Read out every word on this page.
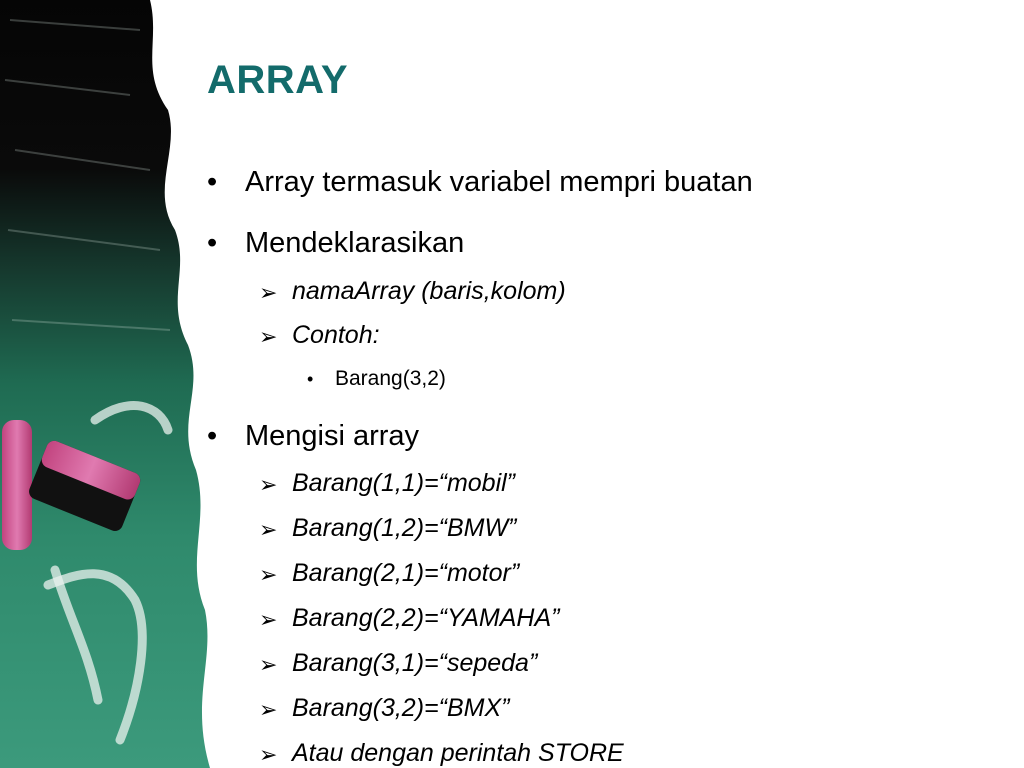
ARRAY
• Array termasuk variabel mempri buatan
• Mendeklarasikan
➢ namaArray (baris,kolom)
➢ Contoh:
• Barang(3,2)
• Mengisi array
➢ Barang(1,1)=“mobil”
➢ Barang(1,2)=“BMW”
➢ Barang(2,1)=“motor”
➢ Barang(2,2)=“YAMAHA”
➢ Barang(3,1)=“sepeda”
➢ Barang(3,2)=“BMX”
➢ Atau dengan perintah STORE
